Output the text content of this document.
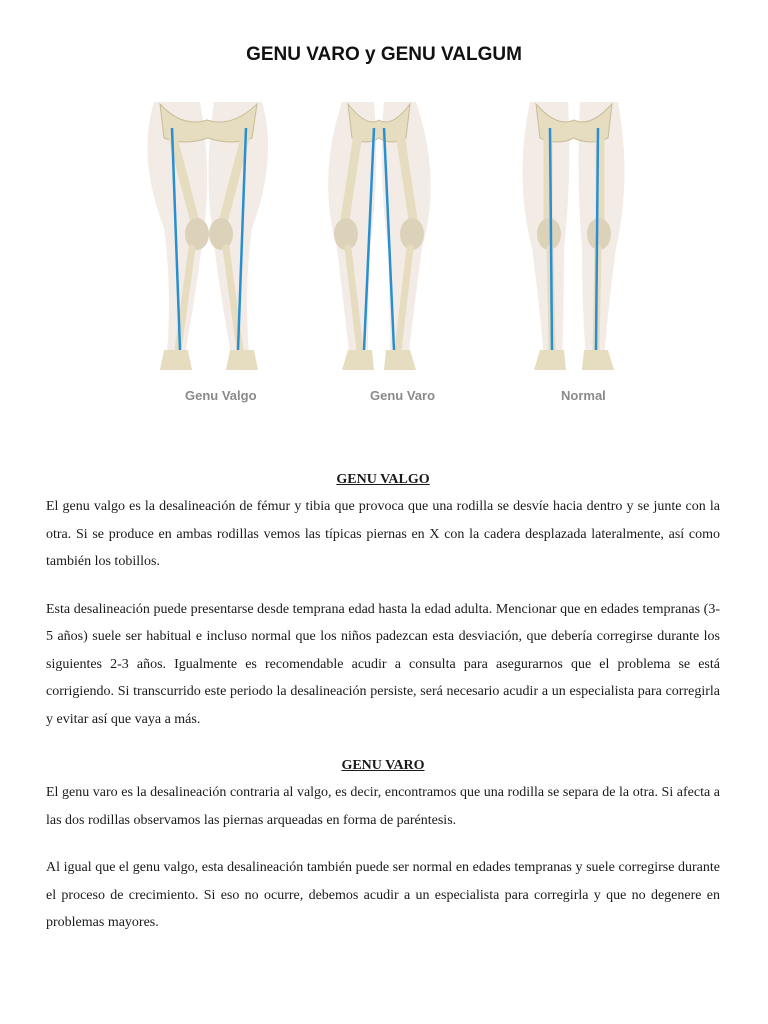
GENU VARO y GENU VALGUM
Genu Valgo	Genu Varo	Normal

GENU VALGO

El genu valgo es la desalineación de fémur y tibia que provoca que una rodilla se desvíe hacia dentro y se junte con la otra. Si se produce en ambas rodillas vemos las típicas piernas en X con la cadera desplazada lateralmente, así como también los tobillos.

Esta desalineación puede presentarse desde temprana edad hasta la edad adulta. Mencionar que en edades tempranas (3-5 años) suele ser habitual e incluso normal que los niños padezcan esta desviación, que debería corregirse durante los siguientes 2-3 años. Igualmente es recomendable acudir a consulta para asegurarnos que el problema se está corrigiendo. Si transcurrido este periodo la desalineación persiste, será necesario acudir a un especialista para corregirla y evitar así que vaya a más.

GENU VARO

El genu varo es la desalineación contraria al valgo, es decir, encontramos que una rodilla se separa de la otra. Si afecta a las dos rodillas observamos las piernas arqueadas en forma de paréntesis.

Al igual que el genu valgo, esta desalineación también puede ser normal en edades tempranas y suele corregirse durante el proceso de crecimiento. Si eso no ocurre, debemos acudir a un especialista para corregirla y que no degenere en problemas mayores.
